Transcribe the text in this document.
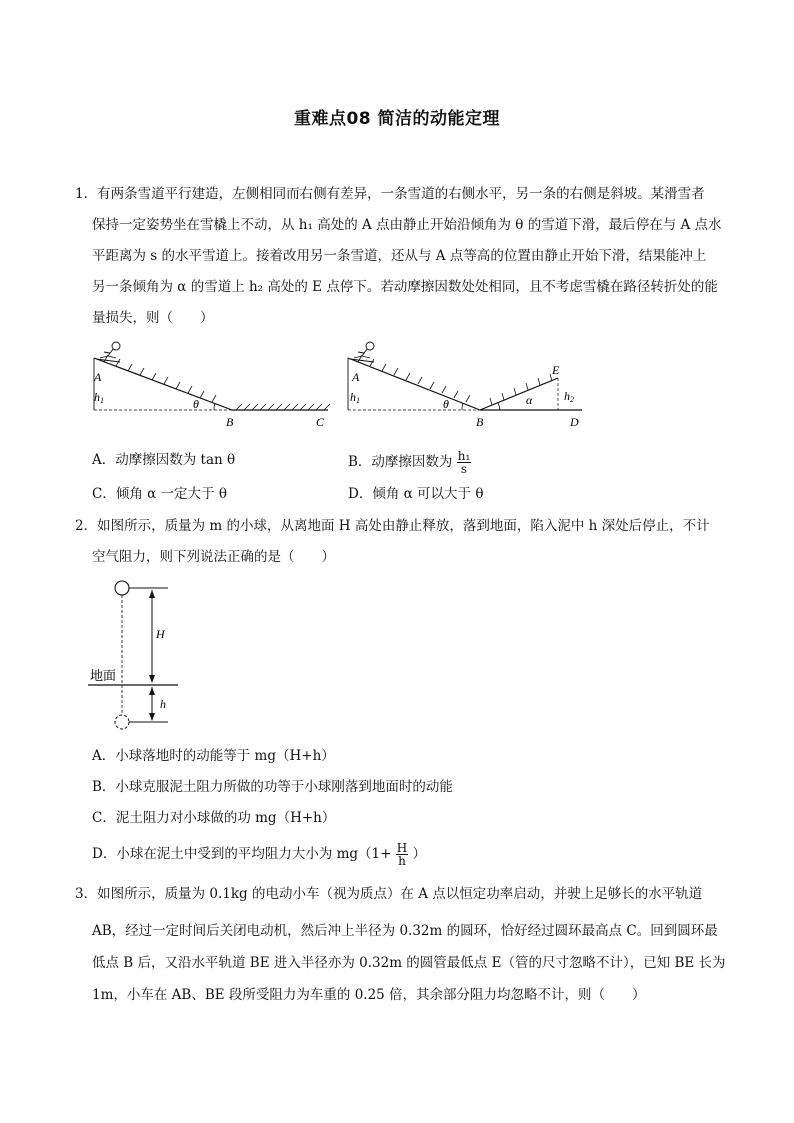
重难点08 简洁的动能定理
1．有两条雪道平行建造，左侧相同而右侧有差异，一条雪道的右侧水平，另一条的右侧是斜坡。某滑雪者
保持一定姿势坐在雪橇上不动，从 h₁ 高处的 A 点由静止开始沿倾角为 θ 的雪道下滑，最后停在与 A 点水
平距离为 s 的水平雪道上。接着改用另一条雪道，还从与 A 点等高的位置由静止开始下滑，结果能冲上
另一条倾角为 α 的雪道上 h₂ 高处的 E 点停下。若动摩擦因数处处相同，且不考虑雪橇在路径转折处的能
量损失，则（　　）
A
h1	θ
B	C
A
h1	θ	α
E
h2
B	D
A．动摩擦因数为 tan θ	B．动摩擦因数为 $\frac{\text{h₁}}{s}$
C．倾角 α 一定大于 θ	D．倾角 α 可以大于 θ
2．如图所示，质量为 m 的小球，从离地面 H 高处由静止释放，落到地面，陷入泥中 h 深处后停止，不计
空气阻力，则下列说法正确的是（　　）
H
h
地面
A．小球落地时的动能等于 mg（H+h）
B．小球克服泥土阻力所做的功等于小球刚落到地面时的动能
C．泥土阻力对小球做的功 mg（H+h）
D．小球在泥土中受到的平均阻力大小为 $mg(1+ \frac{H}{h}$ ）
3．如图所示，质量为 0.1kg 的电动小车（视为质点）在 A 点以恒定功率启动，并驶上足够长的水平轨道
AB，经过一定时间后关闭电动机，然后冲上半径为 0.32m 的圆环，恰好经过圆环最高点 C。回到圆环最
低点 B 后，又沿水平轨道 BE 进入半径亦为 0.32m 的圆管最低点 E（管的尺寸忽略不计），已知 BE 长为
1m，小车在 AB、BE 段所受阻力为车重的 0.25 倍，其余部分阻力均忽略不计，则（　　）
